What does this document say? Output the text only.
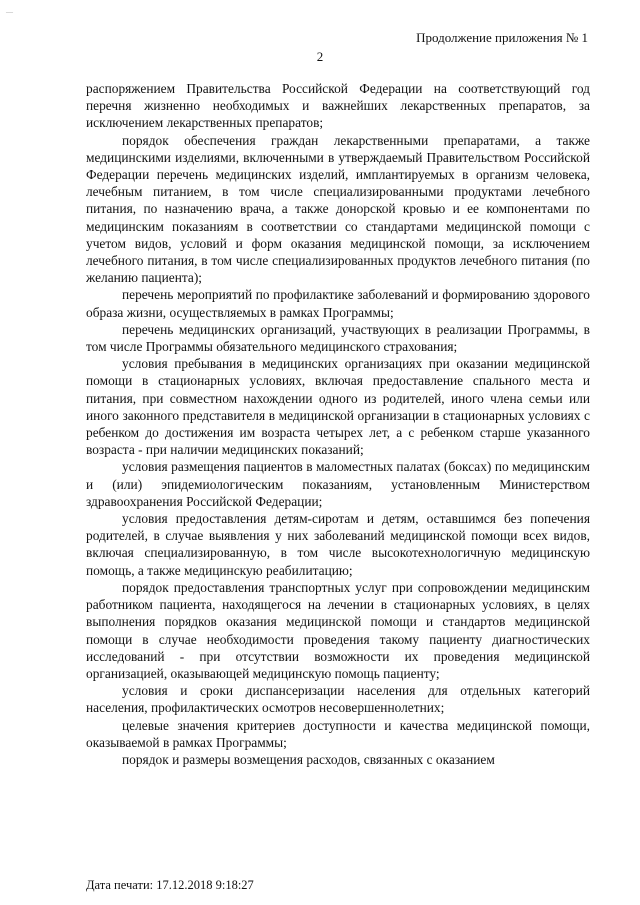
—
Продолжение приложения № 1
2

распоряжением Правительства Российской Федерации на соответствующий год перечня жизненно необходимых и важнейших лекарственных препаратов, за исключением лекарственных препаратов;

порядок обеспечения граждан лекарственными препаратами, а также медицинскими изделиями, включенными в утверждаемый Правительством Российской Федерации перечень медицинских изделий, имплантируемых в организм человека, лечебным питанием, в том числе специализированными продуктами лечебного питания, по назначению врача, а также донорской кровью и ее компонентами по медицинским показаниям в соответствии со стандартами медицинской помощи с учетом видов, условий и форм оказания медицинской помощи, за исключением лечебного питания, в том числе специализированных продуктов лечебного питания (по желанию пациента);

перечень мероприятий по профилактике заболеваний и формированию здорового образа жизни, осуществляемых в рамках Программы;

перечень медицинских организаций, участвующих в реализации Программы, в том числе Программы обязательного медицинского страхования;

условия пребывания в медицинских организациях при оказании медицинской помощи в стационарных условиях, включая предоставление спального места и питания, при совместном нахождении одного из родителей, иного члена семьи или иного законного представителя в медицинской организации в стационарных условиях с ребенком до достижения им возраста четырех лет, а с ребенком старше указанного возраста - при наличии медицинских показаний;

условия размещения пациентов в маломестных палатах (боксах) по медицинским и (или) эпидемиологическим показаниям, установленным Министерством здравоохранения Российской Федерации;

условия предоставления детям-сиротам и детям, оставшимся без попечения родителей, в случае выявления у них заболеваний медицинской помощи всех видов, включая специализированную, в том числе высокотехнологичную медицинскую помощь, а также медицинскую реабилитацию;

порядок предоставления транспортных услуг при сопровождении медицинским работником пациента, находящегося на лечении в стационарных условиях, в целях выполнения порядков оказания медицинской помощи и стандартов медицинской помощи в случае необходимости проведения такому пациенту диагностических исследований - при отсутствии возможности их проведения медицинской организацией, оказывающей медицинскую помощь пациенту;

условия и сроки диспансеризации населения для отдельных категорий населения, профилактических осмотров несовершеннолетних;

целевые значения критериев доступности и качества медицинской помощи, оказываемой в рамках Программы;

порядок и размеры возмещения расходов, связанных с оказанием

Дата печати: 17.12.2018 9:18:27
